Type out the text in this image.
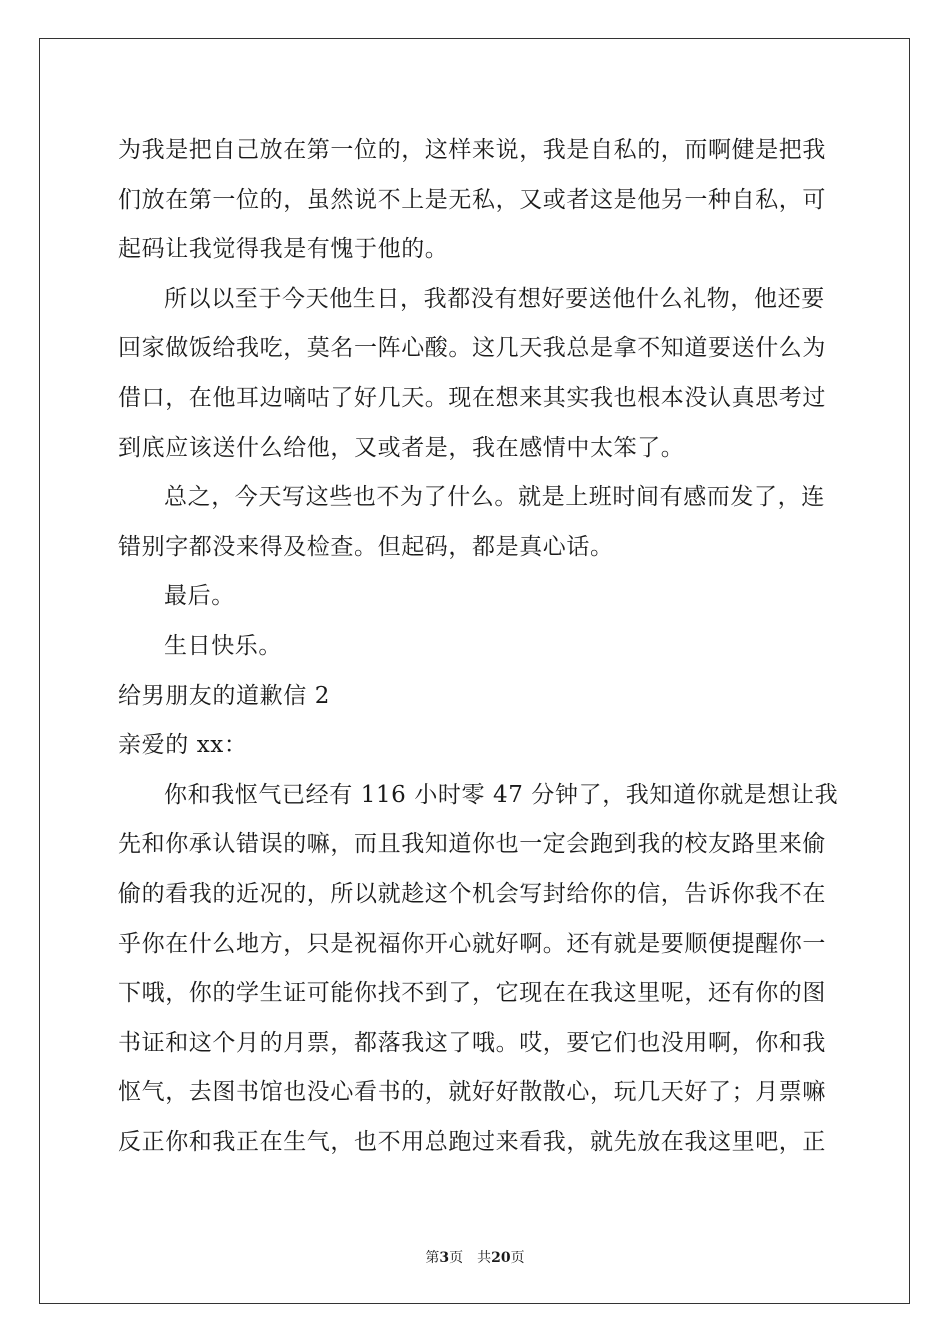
为我是把自己放在第一位的，这样来说，我是自私的，而啊健是把我
们放在第一位的，虽然说不上是无私，又或者这是他另一种自私，可
起码让我觉得我是有愧于他的。
所以以至于今天他生日，我都没有想好要送他什么礼物，他还要
回家做饭给我吃，莫名一阵心酸。这几天我总是拿不知道要送什么为
借口，在他耳边嘀咕了好几天。现在想来其实我也根本没认真思考过
到底应该送什么给他，又或者是，我在感情中太笨了。
总之，今天写这些也不为了什么。就是上班时间有感而发了，连
错别字都没来得及检查。但起码，都是真心话。
最后。
生日快乐。
给男朋友的道歉信 2
亲爱的 xx：
你和我怄气已经有 116 小时零 47 分钟了，我知道你就是想让我
先和你承认错误的嘛，而且我知道你也一定会跑到我的校友路里来偷
偷的看我的近况的，所以就趁这个机会写封给你的信，告诉你我不在
乎你在什么地方，只是祝福你开心就好啊。还有就是要顺便提醒你一
下哦，你的学生证可能你找不到了，它现在在我这里呢，还有你的图
书证和这个月的月票，都落我这了哦。哎，要它们也没用啊，你和我
怄气，去图书馆也没心看书的，就好好散散心，玩几天好了；月票嘛
反正你和我正在生气，也不用总跑过来看我，就先放在我这里吧，正
第3页 共20页
